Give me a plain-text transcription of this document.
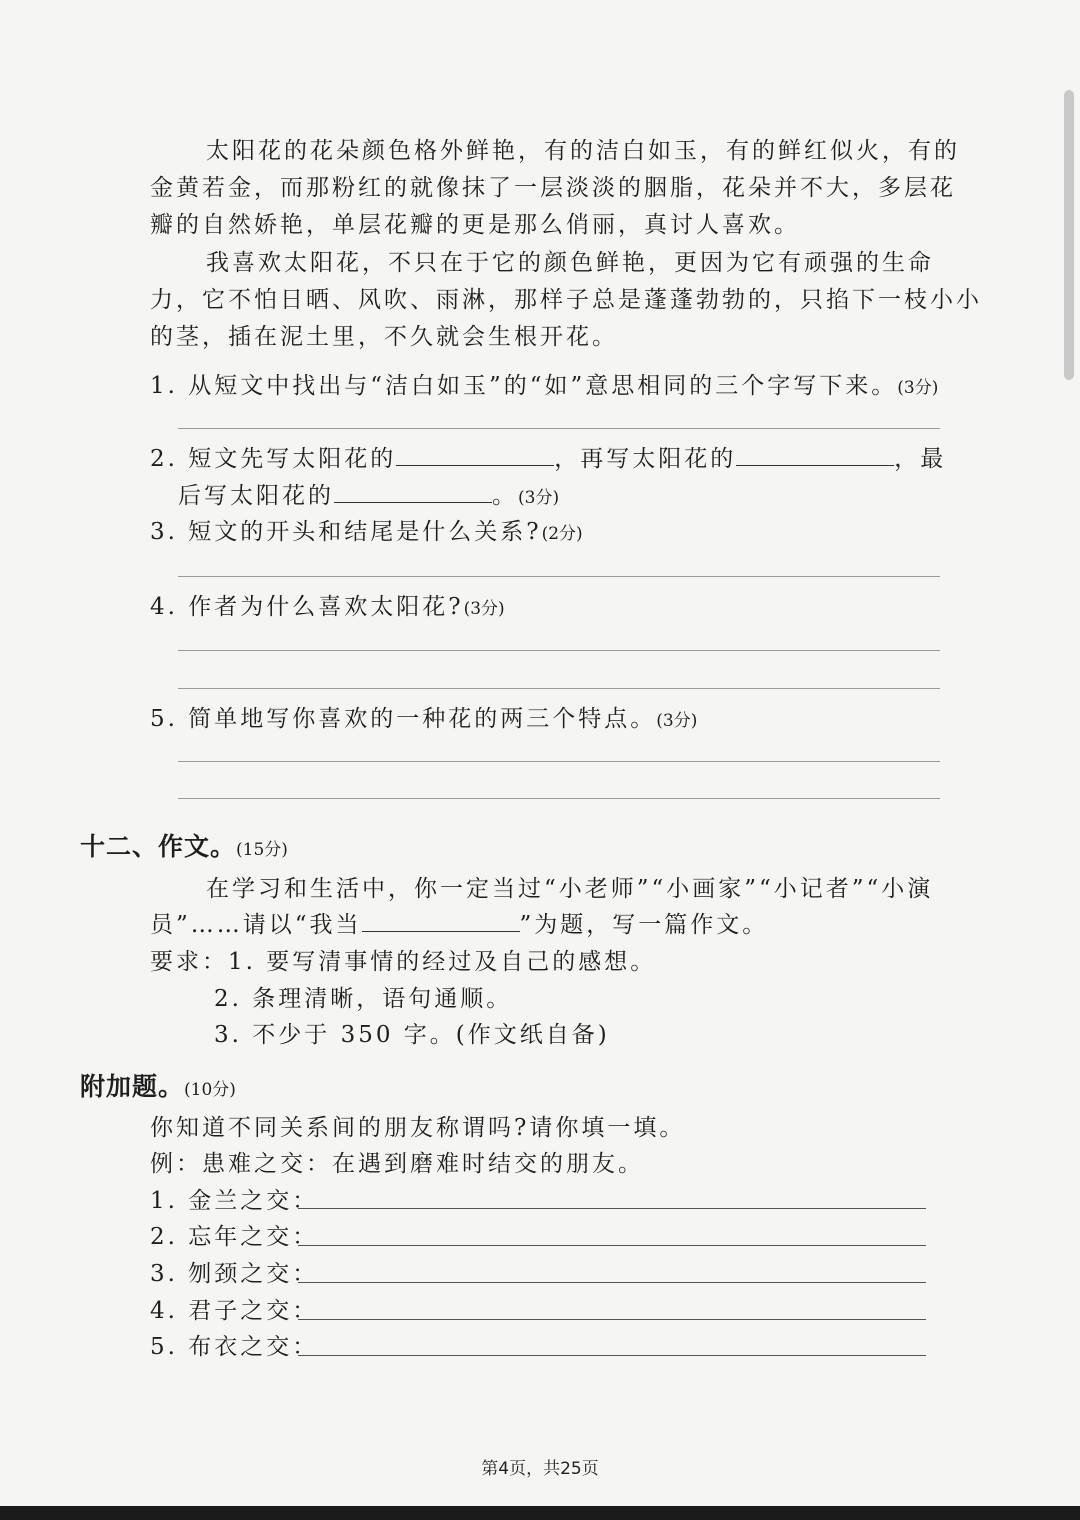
太阳花的花朵颜色格外鲜艳，有的洁白如玉，有的鲜红似火，有的
金黄若金，而那粉红的就像抹了一层淡淡的胭脂，花朵并不大，多层花
瓣的自然娇艳，单层花瓣的更是那么俏丽，真讨人喜欢。
我喜欢太阳花，不只在于它的颜色鲜艳，更因为它有顽强的生命
力，它不怕日晒、风吹、雨淋，那样子总是蓬蓬勃勃的，只掐下一枝小小
的茎，插在泥土里，不久就会生根开花。
1. 从短文中找出与“洁白如玉”的“如”意思相同的三个字写下来。(3分)
2. 短文先写太阳花的	，再写太阳花的	，最
后写太阳花的	。(3分)
3. 短文的开头和结尾是什么关系?(2分)
4. 作者为什么喜欢太阳花?(3分)
5. 简单地写你喜欢的一种花的两三个特点。(3分)
十二、作文。(15分)
在学习和生活中，你一定当过“小老师”“小画家”“小记者”“小演
员”……请以“我当	”为题，写一篇作文。
要求：1. 要写清事情的经过及自己的感想。
2. 条理清晰，语句通顺。
3. 不少于 350 字。(作文纸自备)
附加题。(10分)
你知道不同关系间的朋友称谓吗?请你填一填。
例：患难之交：在遇到磨难时结交的朋友。
1. 金兰之交：
2. 忘年之交：
3. 刎颈之交：
4. 君子之交：
5. 布衣之交：
第4页，共25页
